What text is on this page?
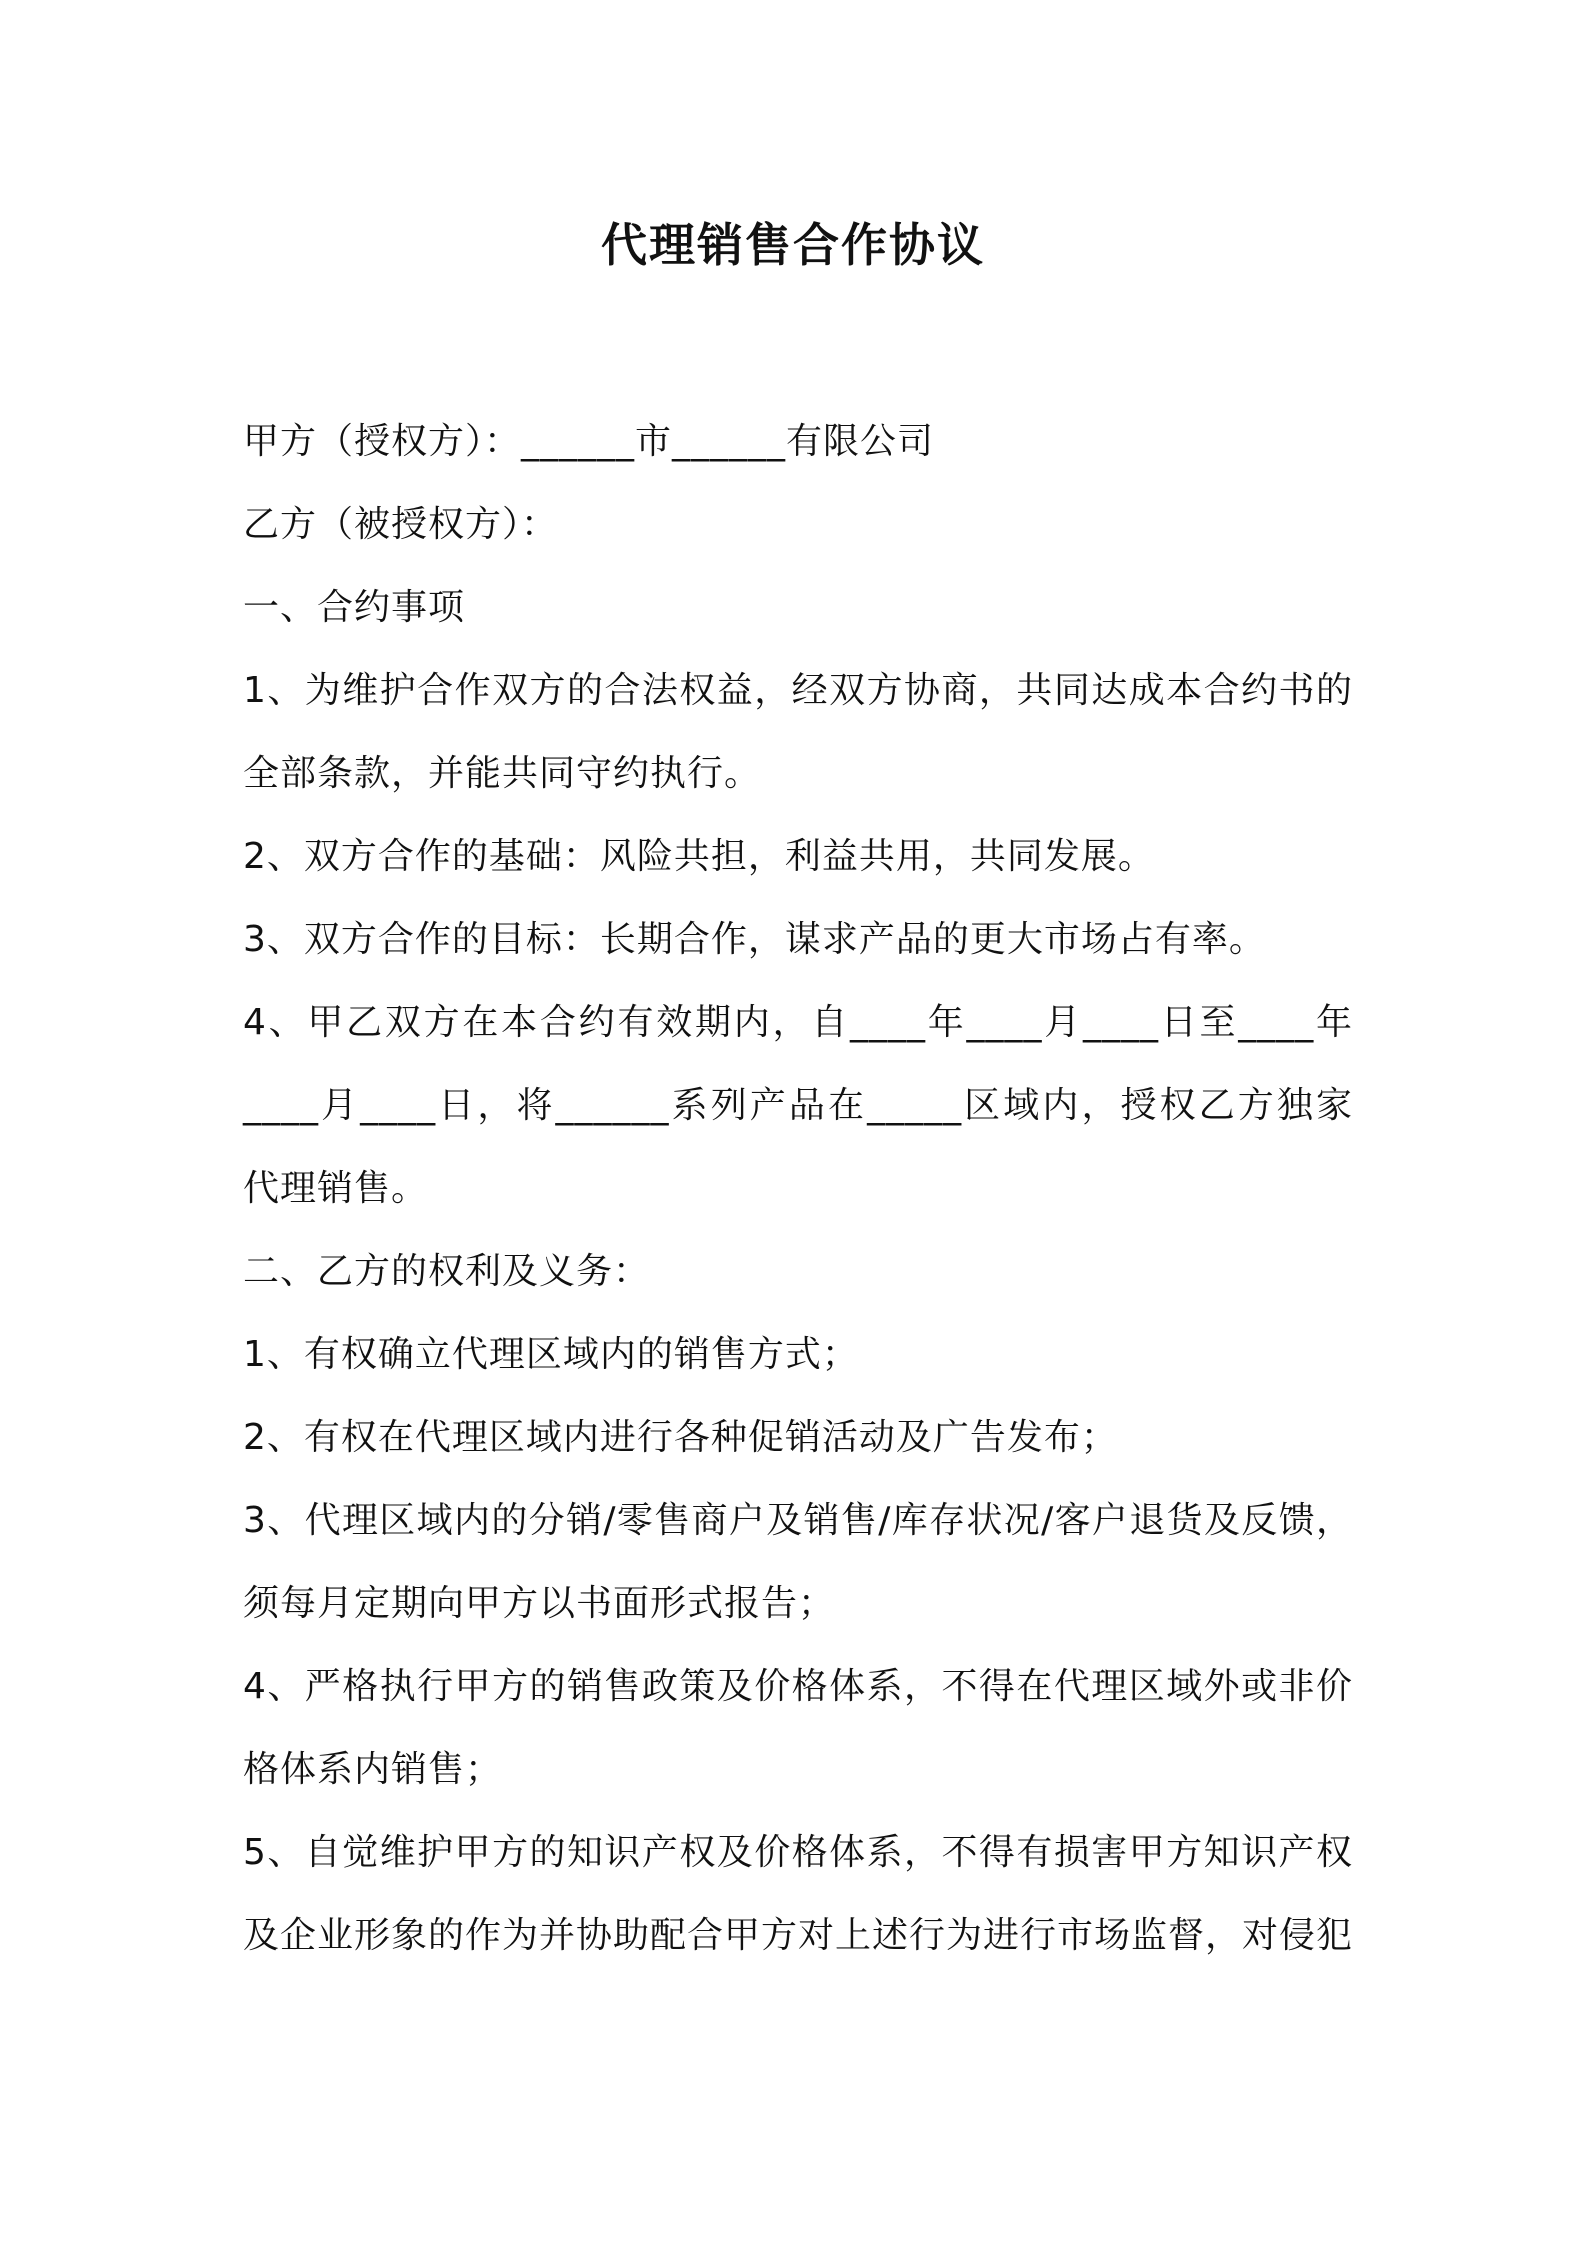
代理销售合作协议
甲方（授权方）：______市______有限公司
乙方（被授权方）：
一、合约事项
1、为维护合作双方的合法权益，经双方协商，共同达成本合约书的
全部条款，并能共同守约执行。
2、双方合作的基础：风险共担，利益共用，共同发展。
3、双方合作的目标：长期合作，谋求产品的更大市场占有率。
4、甲乙双方在本合约有效期内，自____年____月____日至____年
____月____日，将______系列产品在_____区域内，授权乙方独家
代理销售。
二、乙方的权利及义务：
1、有权确立代理区域内的销售方式；
2、有权在代理区域内进行各种促销活动及广告发布；
3、代理区域内的分销/零售商户及销售/库存状况/客户退货及反馈，
须每月定期向甲方以书面形式报告；
4、严格执行甲方的销售政策及价格体系，不得在代理区域外或非价
格体系内销售；
5、自觉维护甲方的知识产权及价格体系，不得有损害甲方知识产权
及企业形象的作为并协助配合甲方对上述行为进行市场监督，对侵犯
